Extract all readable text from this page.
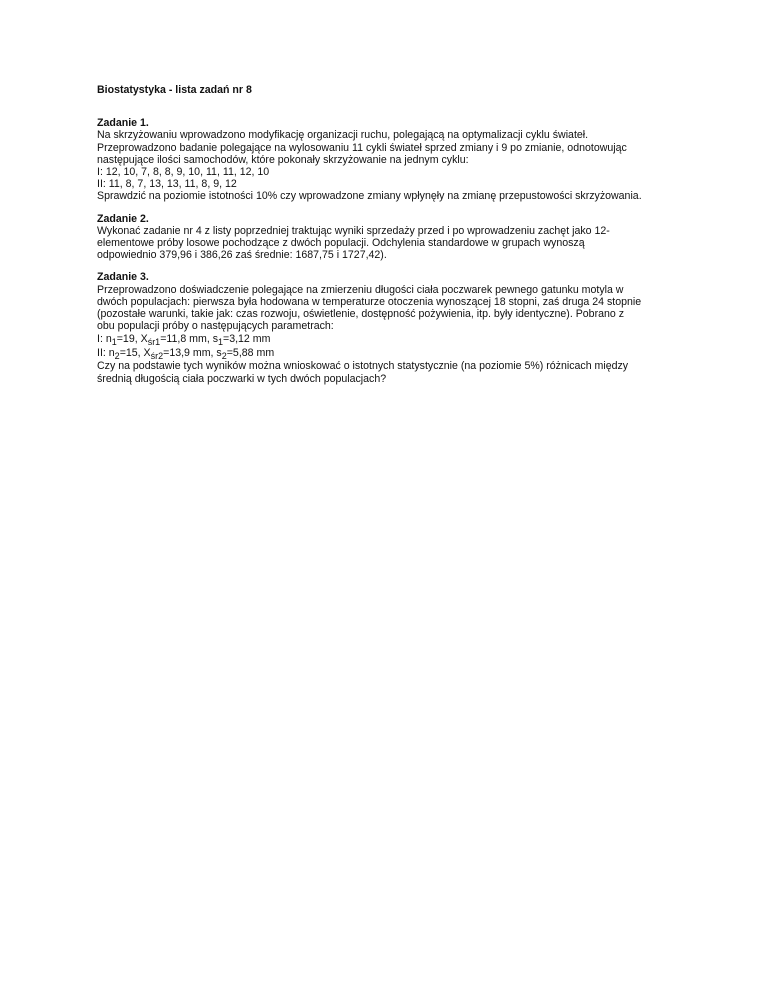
Biostatystyka - lista zadań nr 8
Zadanie 1.
Na skrzyżowaniu wprowadzono modyfikację organizacji ruchu, polegającą na optymalizacji cyklu świateł.
Przeprowadzono badanie polegające na wylosowaniu 11 cykli świateł sprzed zmiany i 9 po zmianie, odnotowując
następujące ilości samochodów, które pokonały skrzyżowanie na jednym cyklu:
I: 12, 10, 7, 8, 8, 9, 10, 11, 11, 12, 10
II: 11, 8, 7, 13, 13, 11, 8, 9, 12
Sprawdzić na poziomie istotności 10% czy wprowadzone zmiany wpłynęły na zmianę przepustowości skrzyżowania.
Zadanie 2.
Wykonać zadanie nr 4 z listy poprzedniej traktując wyniki sprzedaży przed i po wprowadzeniu zachęt jako 12-
elementowe próby losowe pochodzące z dwóch populacji. Odchylenia standardowe w grupach wynoszą
odpowiednio 379,96 i 386,26 zaś średnie: 1687,75 i 1727,42).
Zadanie 3.
Przeprowadzono doświadczenie polegające na zmierzeniu długości ciała poczwarek pewnego gatunku motyla w
dwóch populacjach: pierwsza była hodowana w temperaturze otoczenia wynoszącej 18 stopni, zaś druga 24 stopnie
(pozostałe warunki, takie jak: czas rozwoju, oświetlenie, dostępność pożywienia, itp. były identyczne). Pobrano z
obu populacji próby o następujących parametrach:
I: $n_1=19$, $X_{śr1}=11,8$ mm, $s_1=3,12$ mm
II: $n_2=15$, $X_{śr2}=13,9$ mm, $s_2=5,88$ mm
Czy na podstawie tych wyników można wnioskować o istotnych statystycznie (na poziomie 5%) różnicach między
średnią długością ciała poczwarki w tych dwóch populacjach?
